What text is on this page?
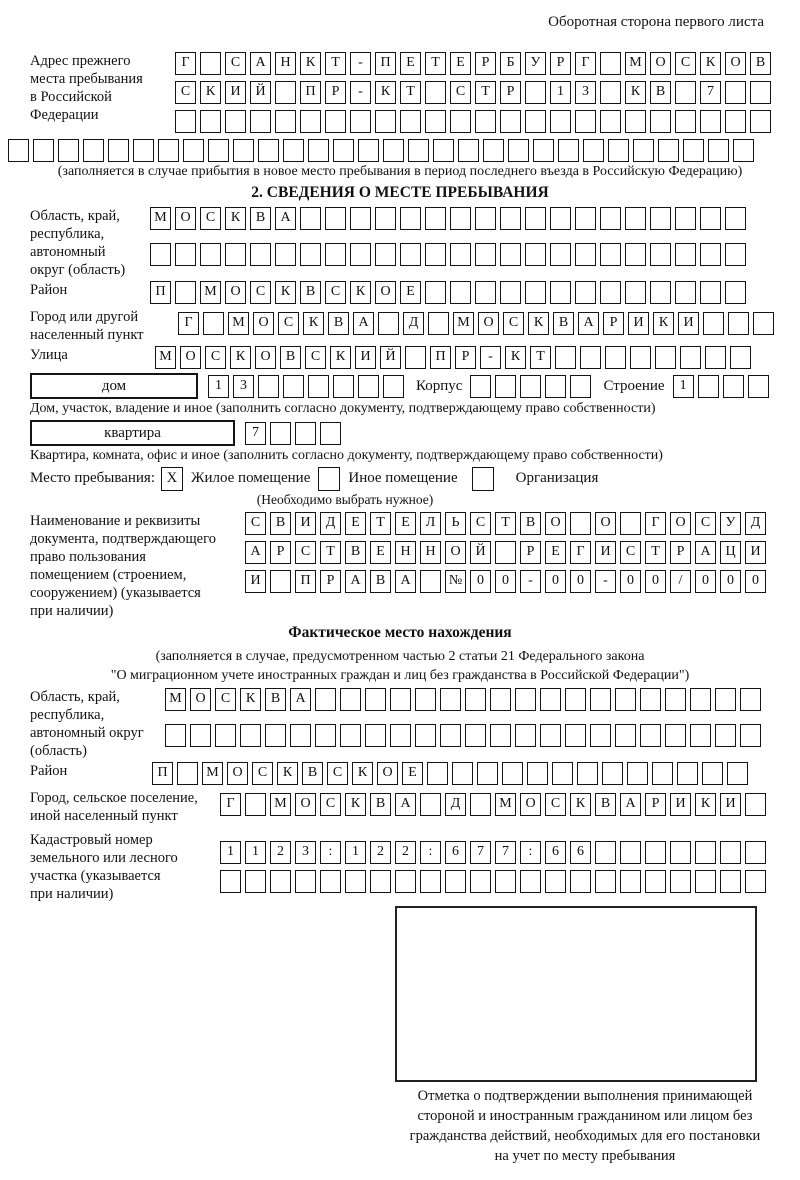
Оборотная сторона первого листа
Адрес прежнего
места пребывания
в Российской
Федерации
Г	С А Н К Т - П Е Т Е Р Б У Р Г	М О С К О В
С К И Й	П Р - К Т	С Т Р	1 3	К В	7
(заполняется в случае прибытия в новое место пребывания в период последнего въезда в Российскую Федерацию)
2. СВЕДЕНИЯ О МЕСТЕ ПРЕБЫВАНИЯ
Область, край,
республика,
автономный
округ (область)
М О С К В А
Район	П	М О С К В С К О Е
Город или другой
населенный пункт
Г	М О С К В А	Д	М О С К В А Р И К И
Улица	М О С К О В С К И Й	П Р - К Т
дом	1 3	Корпус	Строение	1
Дом, участок, владение и иное (заполнить согласно документу, подтверждающему право собственности)
квартира	7
Квартира, комната, офис и иное (заполнить согласно документу, подтверждающему право собственности)
Место пребывания: X Жилое помещение	Иное помещение	Организация
(Необходимо выбрать нужное)
Наименование и реквизиты
документа, подтверждающего
право пользования
помещением (строением,
сооружением) (указывается
при наличии)
С В И Д Е Т Е Л Ь С Т В О	О	Г О С У Д
А Р С Т В Е Н Н О Й	Р Е Г И С Т Р А Ц И
И	П Р А В А	№ 0 0 - 0 0 - 0 0 / 0 0 0
Фактическое место нахождения
(заполняется в случае, предусмотренном частью 2 статьи 21 Федерального закона
"О миграционном учете иностранных граждан и лиц без гражданства в Российской Федерации")
Область, край,
республика,
автономный округ
(область)
М О С К В А
Район	П	М О С К В С К О Е
Город, сельское поселение,
иной населенный пункт
Г	М О С К В А	Д	М О С К В А Р И К И
Кадастровый номер
земельного или лесного
участка (указывается
при наличии)
1 1 2 3 : 1 2 2 : 6 7 7 : 6 6
Отметка о подтверждении выполнения принимающей
стороной и иностранным гражданином или лицом без
гражданства действий, необходимых для его постановки
на учет по месту пребывания
